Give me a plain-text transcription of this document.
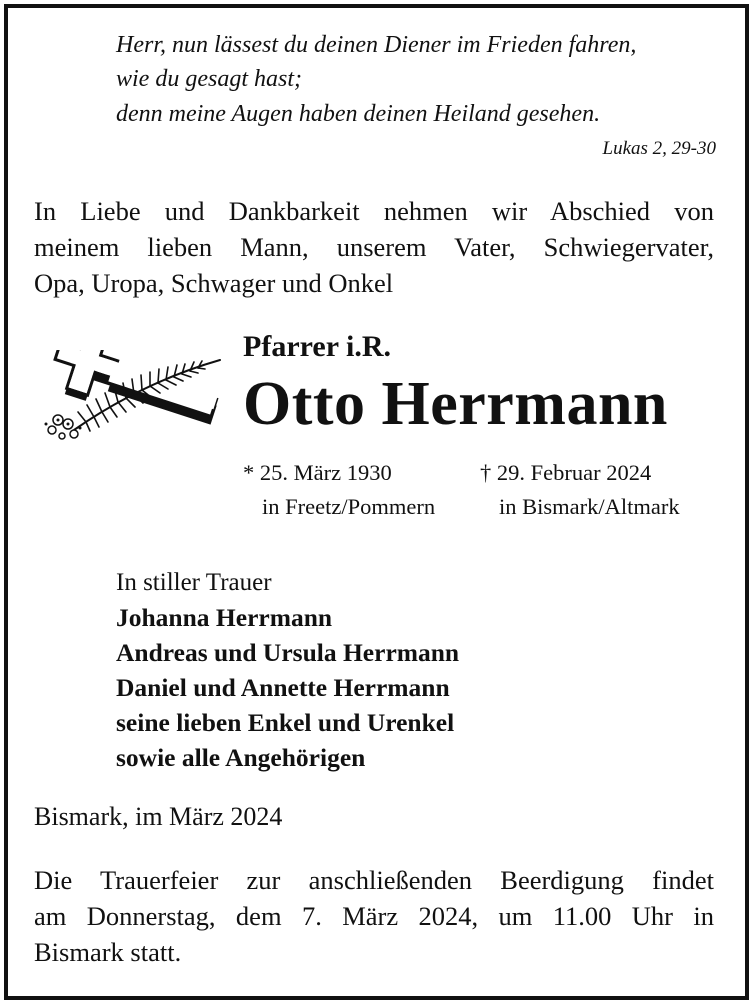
Herr, nun lässest du deinen Diener im Frieden fahren,
wie du gesagt hast;
denn meine Augen haben deinen Heiland gesehen.
Lukas 2, 29-30
In Liebe und Dankbarkeit nehmen wir Abschied von
meinem lieben Mann, unserem Vater, Schwiegervater,
Opa, Uropa, Schwager und Onkel
Pfarrer i.R.
Otto Herrmann
* 25. März 1930
in Freetz/Pommern
† 29. Februar 2024
in Bismark/Altmark
In stiller Trauer
Johanna Herrmann
Andreas und Ursula Herrmann
Daniel und Annette Herrmann
seine lieben Enkel und Urenkel
sowie alle Angehörigen
Bismark, im März 2024
Die Trauerfeier zur anschließenden Beerdigung findet
am Donnerstag, dem 7. März 2024, um 11.00 Uhr in
Bismark statt.
